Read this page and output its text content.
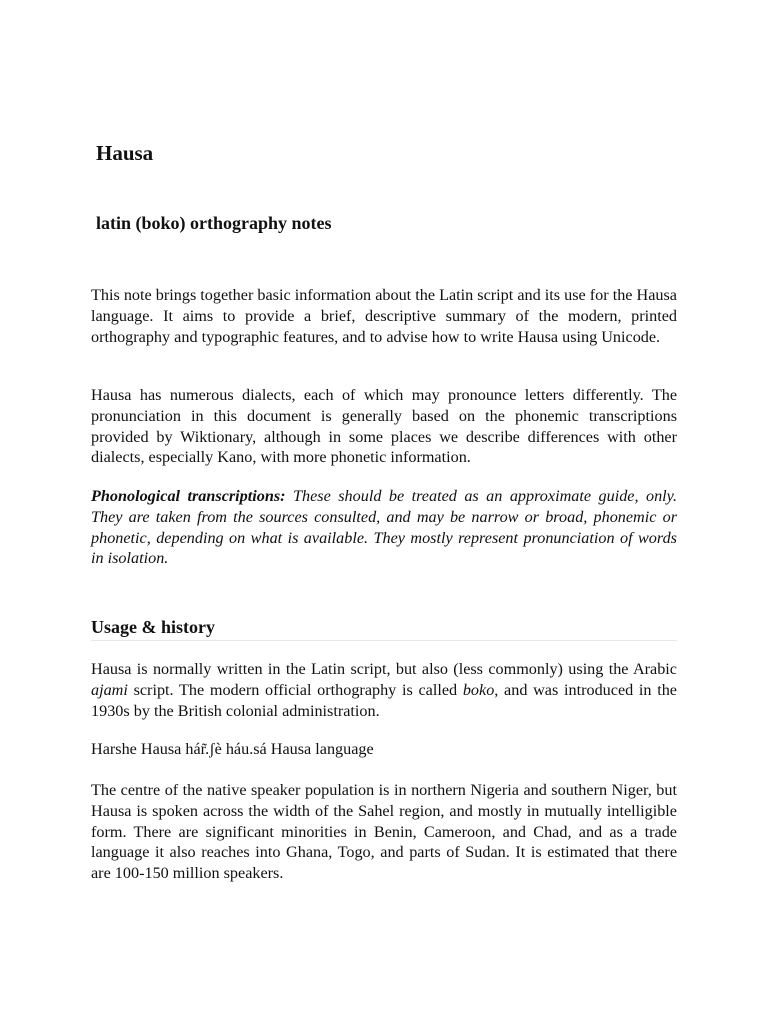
Hausa
latin (boko) orthography notes

This note brings together basic information about the Latin script and its use for the Hausa language. It aims to provide a brief, descriptive summary of the modern, printed orthography and typographic features, and to advise how to write Hausa using Unicode.

Hausa has numerous dialects, each of which may pronounce letters differently. The pronunciation in this document is generally based on the phonemic transcriptions provided by Wiktionary, although in some places we describe differences with other dialects, especially Kano, with more phonetic information.

Phonological transcriptions: These should be treated as an approximate guide, only. They are taken from the sources consulted, and may be narrow or broad, phonemic or phonetic, depending on what is available. They mostly represent pronunciation of words in isolation.

Usage & history

Hausa is normally written in the Latin script, but also (less commonly) using the Arabic ajami script. The modern official orthography is called boko, and was introduced in the 1930s by the British colonial administration.

Harshe Hausa hár̃.ʃè háu.sá Hausa language

The centre of the native speaker population is in northern Nigeria and southern Niger, but Hausa is spoken across the width of the Sahel region, and mostly in mutually intelligible form. There are significant minorities in Benin, Cameroon, and Chad, and as a trade language it also reaches into Ghana, Togo, and parts of Sudan. It is estimated that there are 100-150 million speakers.
